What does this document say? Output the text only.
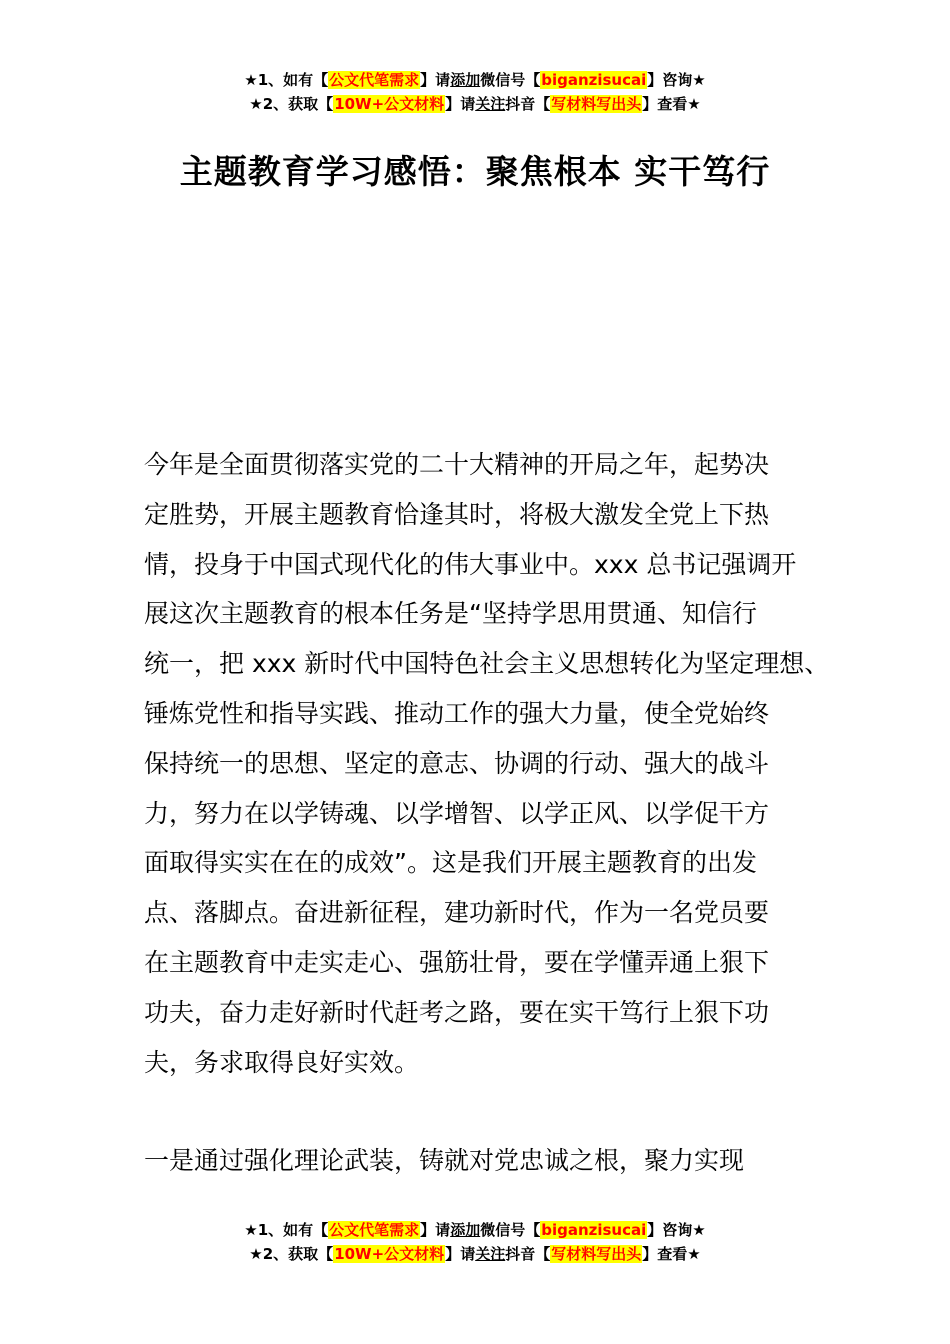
★1、如有【公文代笔需求】请添加微信号【biganzisucai】咨询★
★2、获取【10W+公文材料】请关注抖音【写材料写出头】查看★
主题教育学习感悟：聚焦根本 实干笃行
今年是全面贯彻落实党的二十大精神的开局之年，起势决
定胜势，开展主题教育恰逢其时，将极大激发全党上下热
情，投身于中国式现代化的伟大事业中。xxx 总书记强调开
展这次主题教育的根本任务是“坚持学思用贯通、知信行
统一，把 xxx 新时代中国特色社会主义思想转化为坚定理想、
锤炼党性和指导实践、推动工作的强大力量，使全党始终
保持统一的思想、坚定的意志、协调的行动、强大的战斗
力，努力在以学铸魂、以学增智、以学正风、以学促干方
面取得实实在在的成效”。这是我们开展主题教育的出发
点、落脚点。奋进新征程，建功新时代，作为一名党员要
在主题教育中走实走心、强筋壮骨，要在学懂弄通上狠下
功夫，奋力走好新时代赶考之路，要在实干笃行上狠下功
夫，务求取得良好实效。
一是通过强化理论武装，铸就对党忠诚之根，聚力实现
★1、如有【公文代笔需求】请添加微信号【biganzisucai】咨询★
★2、获取【10W+公文材料】请关注抖音【写材料写出头】查看★
